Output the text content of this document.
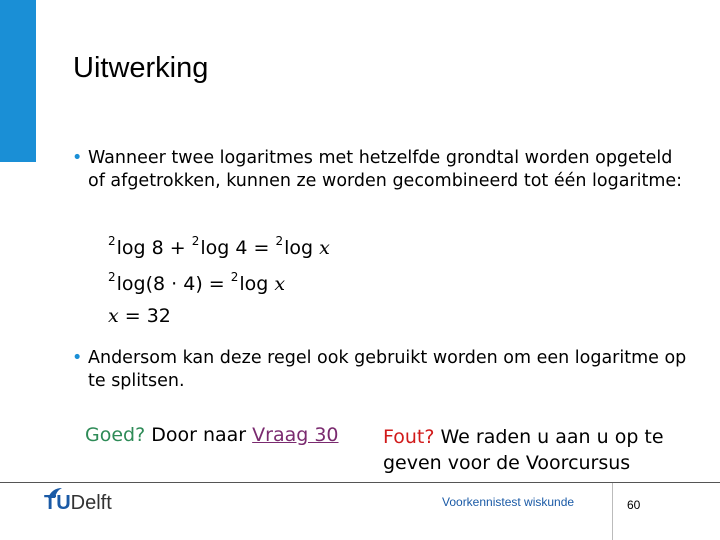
Uitwerking
• Wanneer twee logaritmes met hetzelfde grondtal worden opgeteld of afgetrokken, kunnen ze worden gecombineerd tot één logaritme:
$^2$log 8 + $^2$log 4 = $^2$log x
$^2$log(8 · 4) = $^2$log x
x = 32
• Andersom kan deze regel ook gebruikt worden om een logaritme op te splitsen.
Goed? Door naar Vraag 30 Fout? We raden u aan u op te geven voor de Voorcursus
TUDelft	Voorkennistest wiskunde	60
